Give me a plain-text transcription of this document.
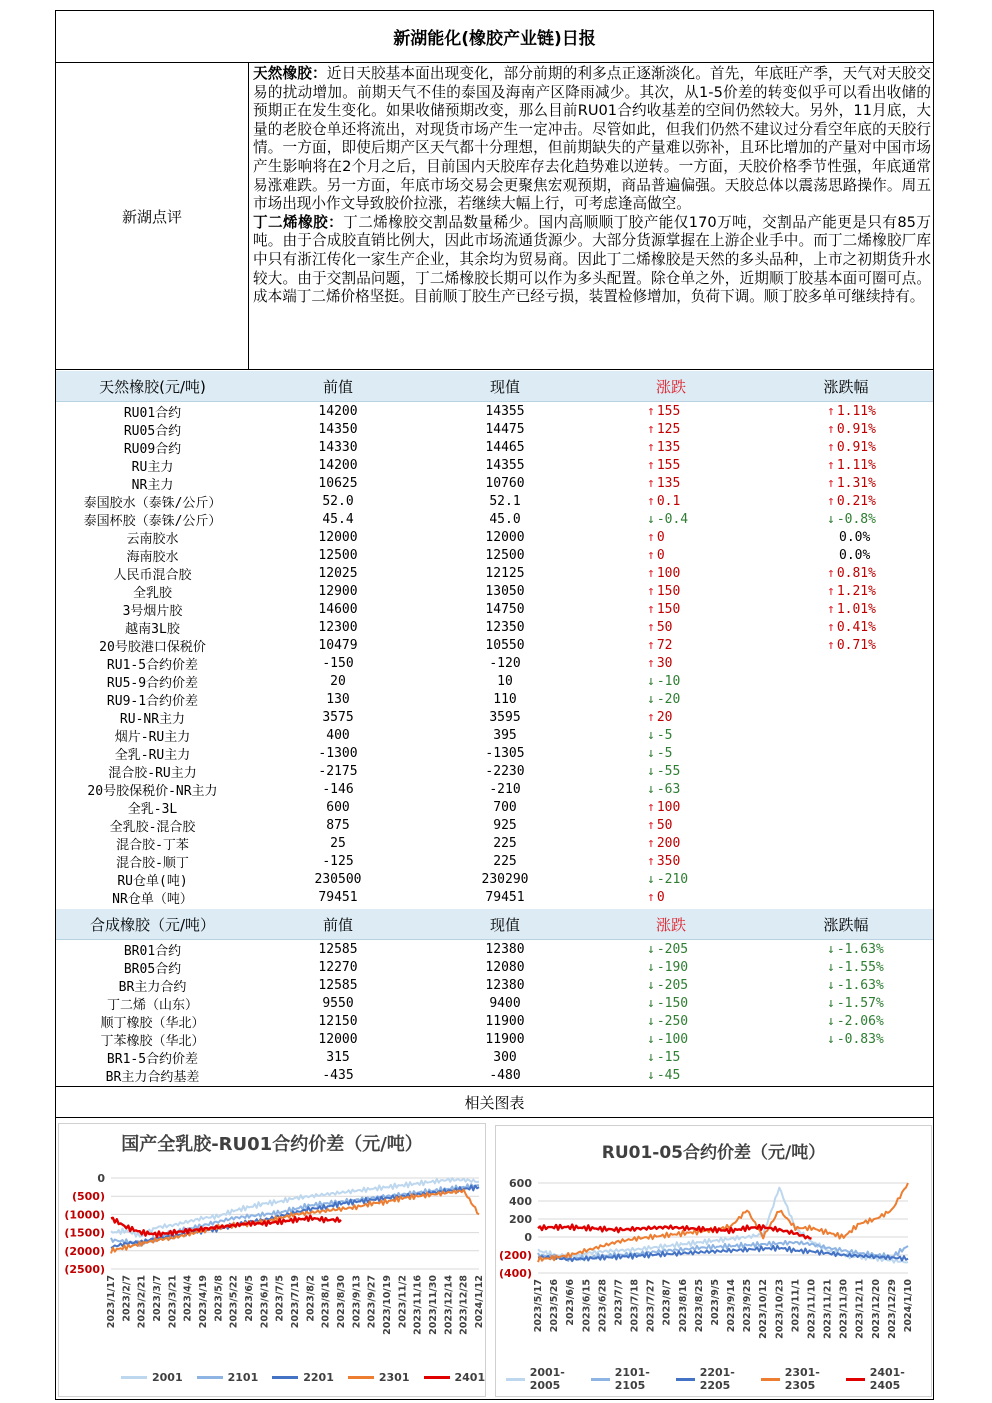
新湖能化(橡胶产业链)日报
新湖点评

天然橡胶：近日天胶基本面出现变化，部分前期的利多点正逐渐淡化。首先，年底旺产季，天气对天胶交易的扰动增加。前期天气不佳的泰国及海南产区降雨减少。其次，从1-5价差的转变似乎可以看出收储的预期正在发生变化。如果收储预期改变，那么目前RU01合约收基差的空间仍然较大。另外，11月底，大量的老胶仓单还将流出，对现货市场产生一定冲击。尽管如此，但我们仍然不建议过分看空年底的天胶行情。一方面，即使后期产区天气都十分理想，但前期缺失的产量难以弥补，且环比增加的产量对中国市场产生影响将在2个月之后，目前国内天胶库存去化趋势难以逆转。一方面，天胶价格季节性强，年底通常易涨难跌。另一方面，年底市场交易会更聚焦宏观预期，商品普遍偏强。天胶总体以震荡思路操作。周五市场出现小作文导致胶价拉涨，若继续大幅上行，可考虑逢高做空。

丁二烯橡胶：丁二烯橡胶交割品数量稀少。国内高顺顺丁胶产能仅170万吨，交割品产能更是只有85万吨。由于合成胶直销比例大，因此市场流通货源少。大部分货源掌握在上游企业手中。而丁二烯橡胶厂库中只有浙江传化一家生产企业，其余均为贸易商。因此丁二烯橡胶是天然的多头品种，上市之初期货升水较大。由于交割品问题，丁二烯橡胶长期可以作为多头配置。除仓单之外，近期顺丁胶基本面可圈可点。成本端丁二烯价格坚挺。目前顺丁胶生产已经亏损，装置检修增加，负荷下调。顺丁胶多单可继续持有。

天然橡胶(元/吨)	前值	现值	涨跌	涨跌幅
RU01合约	14200	14355	↑ 155	↑ 1.11%
RU05合约	14350	14475	↑ 125	↑ 0.91%
RU09合约	14330	14465	↑ 135	↑ 0.91%
RU主力	14200	14355	↑ 155	↑ 1.11%
NR主力	10625	10760	↑ 135	↑ 1.31%
泰国胶水（泰铢/公斤）	52.0	52.1	↑ 0.1	↑ 0.21%
泰国杯胶（泰铢/公斤）	45.4	45.0	↓ -0.4	↓ -0.8%
云南胶水	12000	12000	↑ 0	0.0%
海南胶水	12500	12500	↑ 0	0.0%
人民币混合胶	12025	12125	↑ 100	↑ 0.81%
全乳胶	12900	13050	↑ 150	↑ 1.21%
3号烟片胶	14600	14750	↑ 150	↑ 1.01%
越南3L胶	12300	12350	↑ 50	↑ 0.41%
20号胶港口保税价	10479	10550	↑ 72	↑ 0.71%
RU1-5合约价差	-150	-120	↑ 30
RU5-9合约价差	20	10	↓ -10
RU9-1合约价差	130	110	↓ -20
RU-NR主力	3575	3595	↑ 20
烟片-RU主力	400	395	↓ -5
全乳-RU主力	-1300	-1305	↓ -5
混合胶-RU主力	-2175	-2230	↓ -55
20号胶保税价-NR主力	-146	-210	↓ -63
全乳-3L	600	700	↑ 100
全乳胶-混合胶	875	925	↑ 50
混合胶-丁苯	25	225	↑ 200
混合胶-顺丁	-125	225	↑ 350
RU仓单(吨)	230500	230290	↓ -210
NR仓单（吨）	79451	79451	↑ 0
合成橡胶（元/吨）	前值	现值	涨跌	涨跌幅
BR01合约	12585	12380	↓ -205	↓ -1.63%
BR05合约	12270	12080	↓ -190	↓ -1.55%
BR主力合约	12585	12380	↓ -205	↓ -1.63%
丁二烯（山东）	9550	9400	↓ -150	↓ -1.57%
顺丁橡胶（华北）	12150	11900	↓ -250	↓ -2.06%
丁苯橡胶（华北）	12000	11900	↓ -100	↓ -0.83%
BR1-5合约价差	315	300	↓ -15
BR主力合约基差	-435	-480	↓ -45
相关图表
国产全乳胶-RU01合约价差（元/吨）
0
(500)
(1000)
(1500)
(2000)
(2500)
2023/1/17 2023/2/7 2023/2/21 2023/3/7 2023/3/21 2023/4/4 2023/4/19 2023/5/8 2023/5/22 2023/6/5 2023/6/19 2023/7/5 2023/7/19 2023/8/2 2023/8/16 2023/8/30 2023/9/13 2023/9/27 2023/10/19 2023/11/2 2023/11/16 2023/11/30 2023/12/14 2023/12/28 2024/1/12
2001	2101	2201	2301	2401
RU01-05合约价差（元/吨）
600
400
200
0
(200)
(400)
2023/5/17 2023/5/26 2023/6/6 2023/6/15 2023/6/28 2023/7/7 2023/7/18 2023/7/27 2023/8/7 2023/8/16 2023/8/25 2023/9/5 2023/9/14 2023/9/25 2023/10/12 2023/10/23 2023/11/1 2023/11/10 2023/11/21 2023/11/30 2023/12/11 2023/12/20 2023/12/29 2024/1/10
2001-2005
2101-2105
2201-2205
2301-2305
2401-2405
